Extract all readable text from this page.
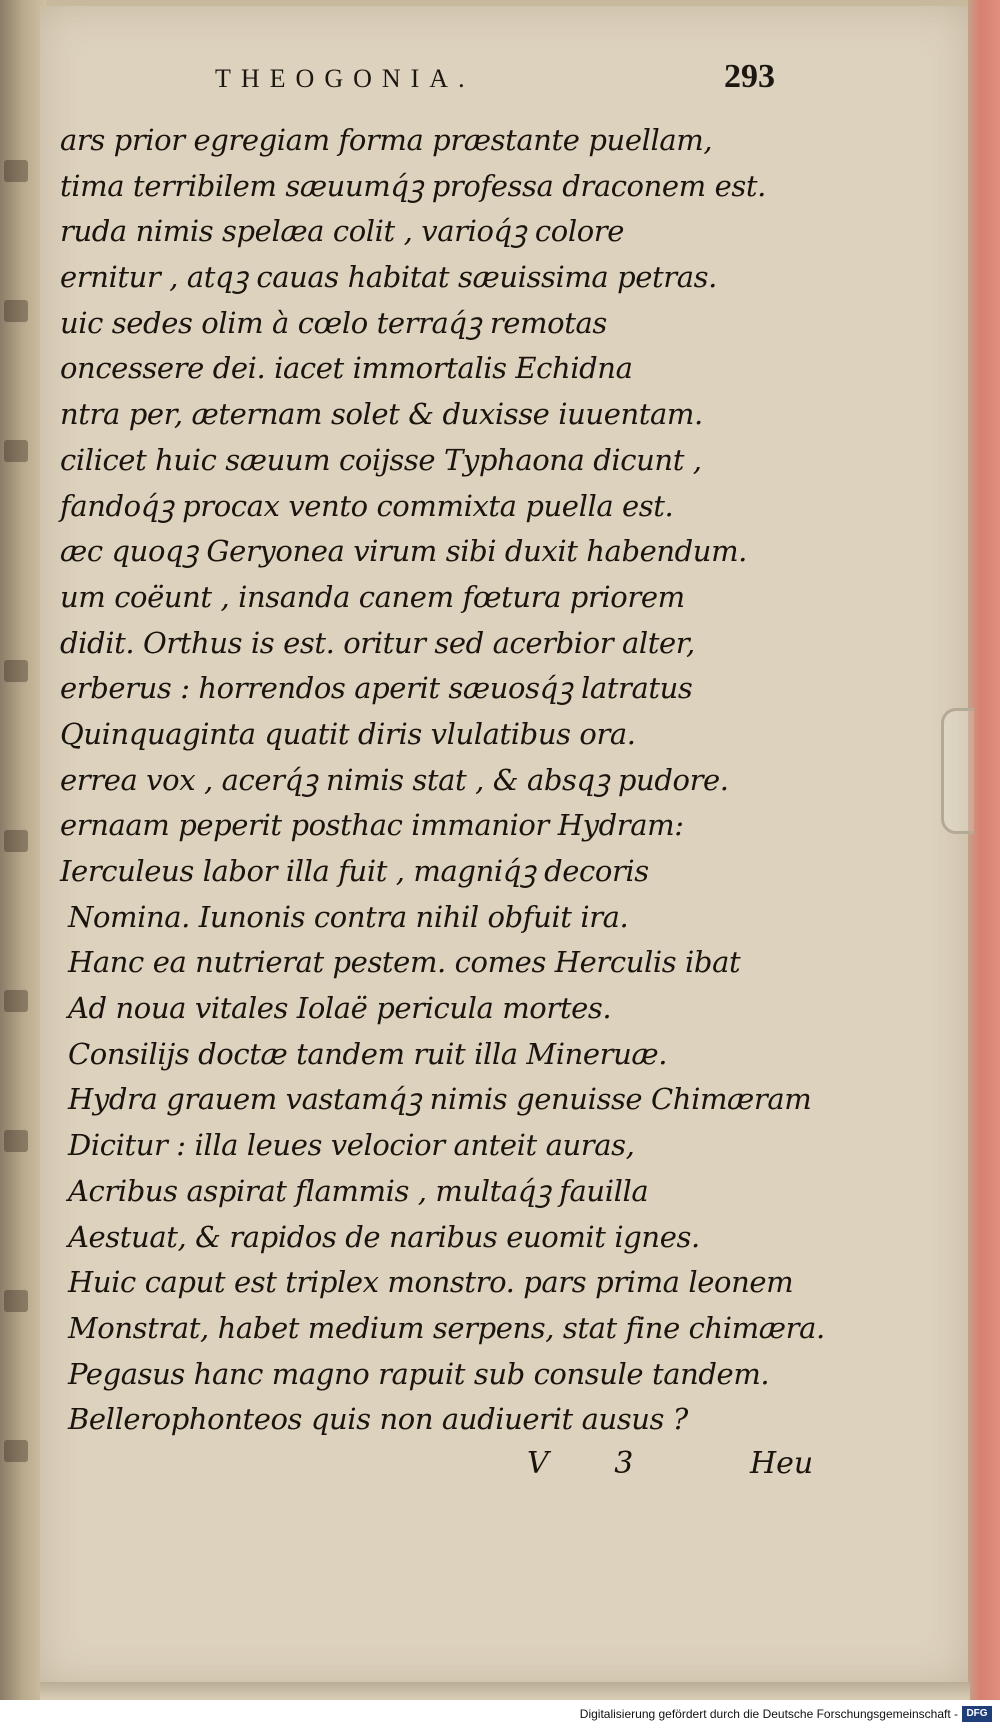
THEOGONIA.	293
ars prior egregiam forma præstante puellam,
tima terribilem sæuumq́ꝫ professa draconem est.
ruda nimis spelæa colit , varioq́ꝫ colore
ernitur , atqꝫ cauas habitat sæuissima petras.
uic sedes olim à cœlo terraq́ꝫ remotas
oncessere dei. iacet immortalis Echidna
ntra per, æternam solet & duxisse iuuentam.
cilicet huic sæuum coijsse Typhaona dicunt ,
fandoq́ꝫ procax vento commixta puella est.
æc quoqꝫ Geryonea virum sibi duxit habendum.
um coëunt , insanda canem fœtura priorem
didit. Orthus is est. oritur sed acerbior alter,
erberus : horrendos aperit sæuosq́ꝫ latratus
Quinquaginta quatit diris vlulatibus ora.
errea vox , acerq́ꝫ nimis stat , & absqꝫ pudore.
ernaam peperit posthac immanior Hydram:
Ierculeus labor illa fuit , magniq́ꝫ decoris
Nomina. Iunonis contra nihil obfuit ira.
Hanc ea nutrierat pestem. comes Herculis ibat
Ad noua vitales Iolaë pericula mortes.
Consilijs doctæ tandem ruit illa Mineruæ.
Hydra grauem vastamq́ꝫ nimis genuisse Chimæram
Dicitur : illa leues velocior anteit auras,
Acribus aspirat flammis , multaq́ꝫ fauilla
Aestuat, & rapidos de naribus euomit ignes.
Huic caput est triplex monstro. pars prima leonem
Monstrat, habet medium serpens, stat fine chimæra.
Pegasus hanc magno rapuit sub consule tandem.
Bellerophonteos quis non audiuerit ausus ?
V 3	Heu
Digitalisierung gefördert durch die Deutsche Forschungsgemeinschaft - DFG
